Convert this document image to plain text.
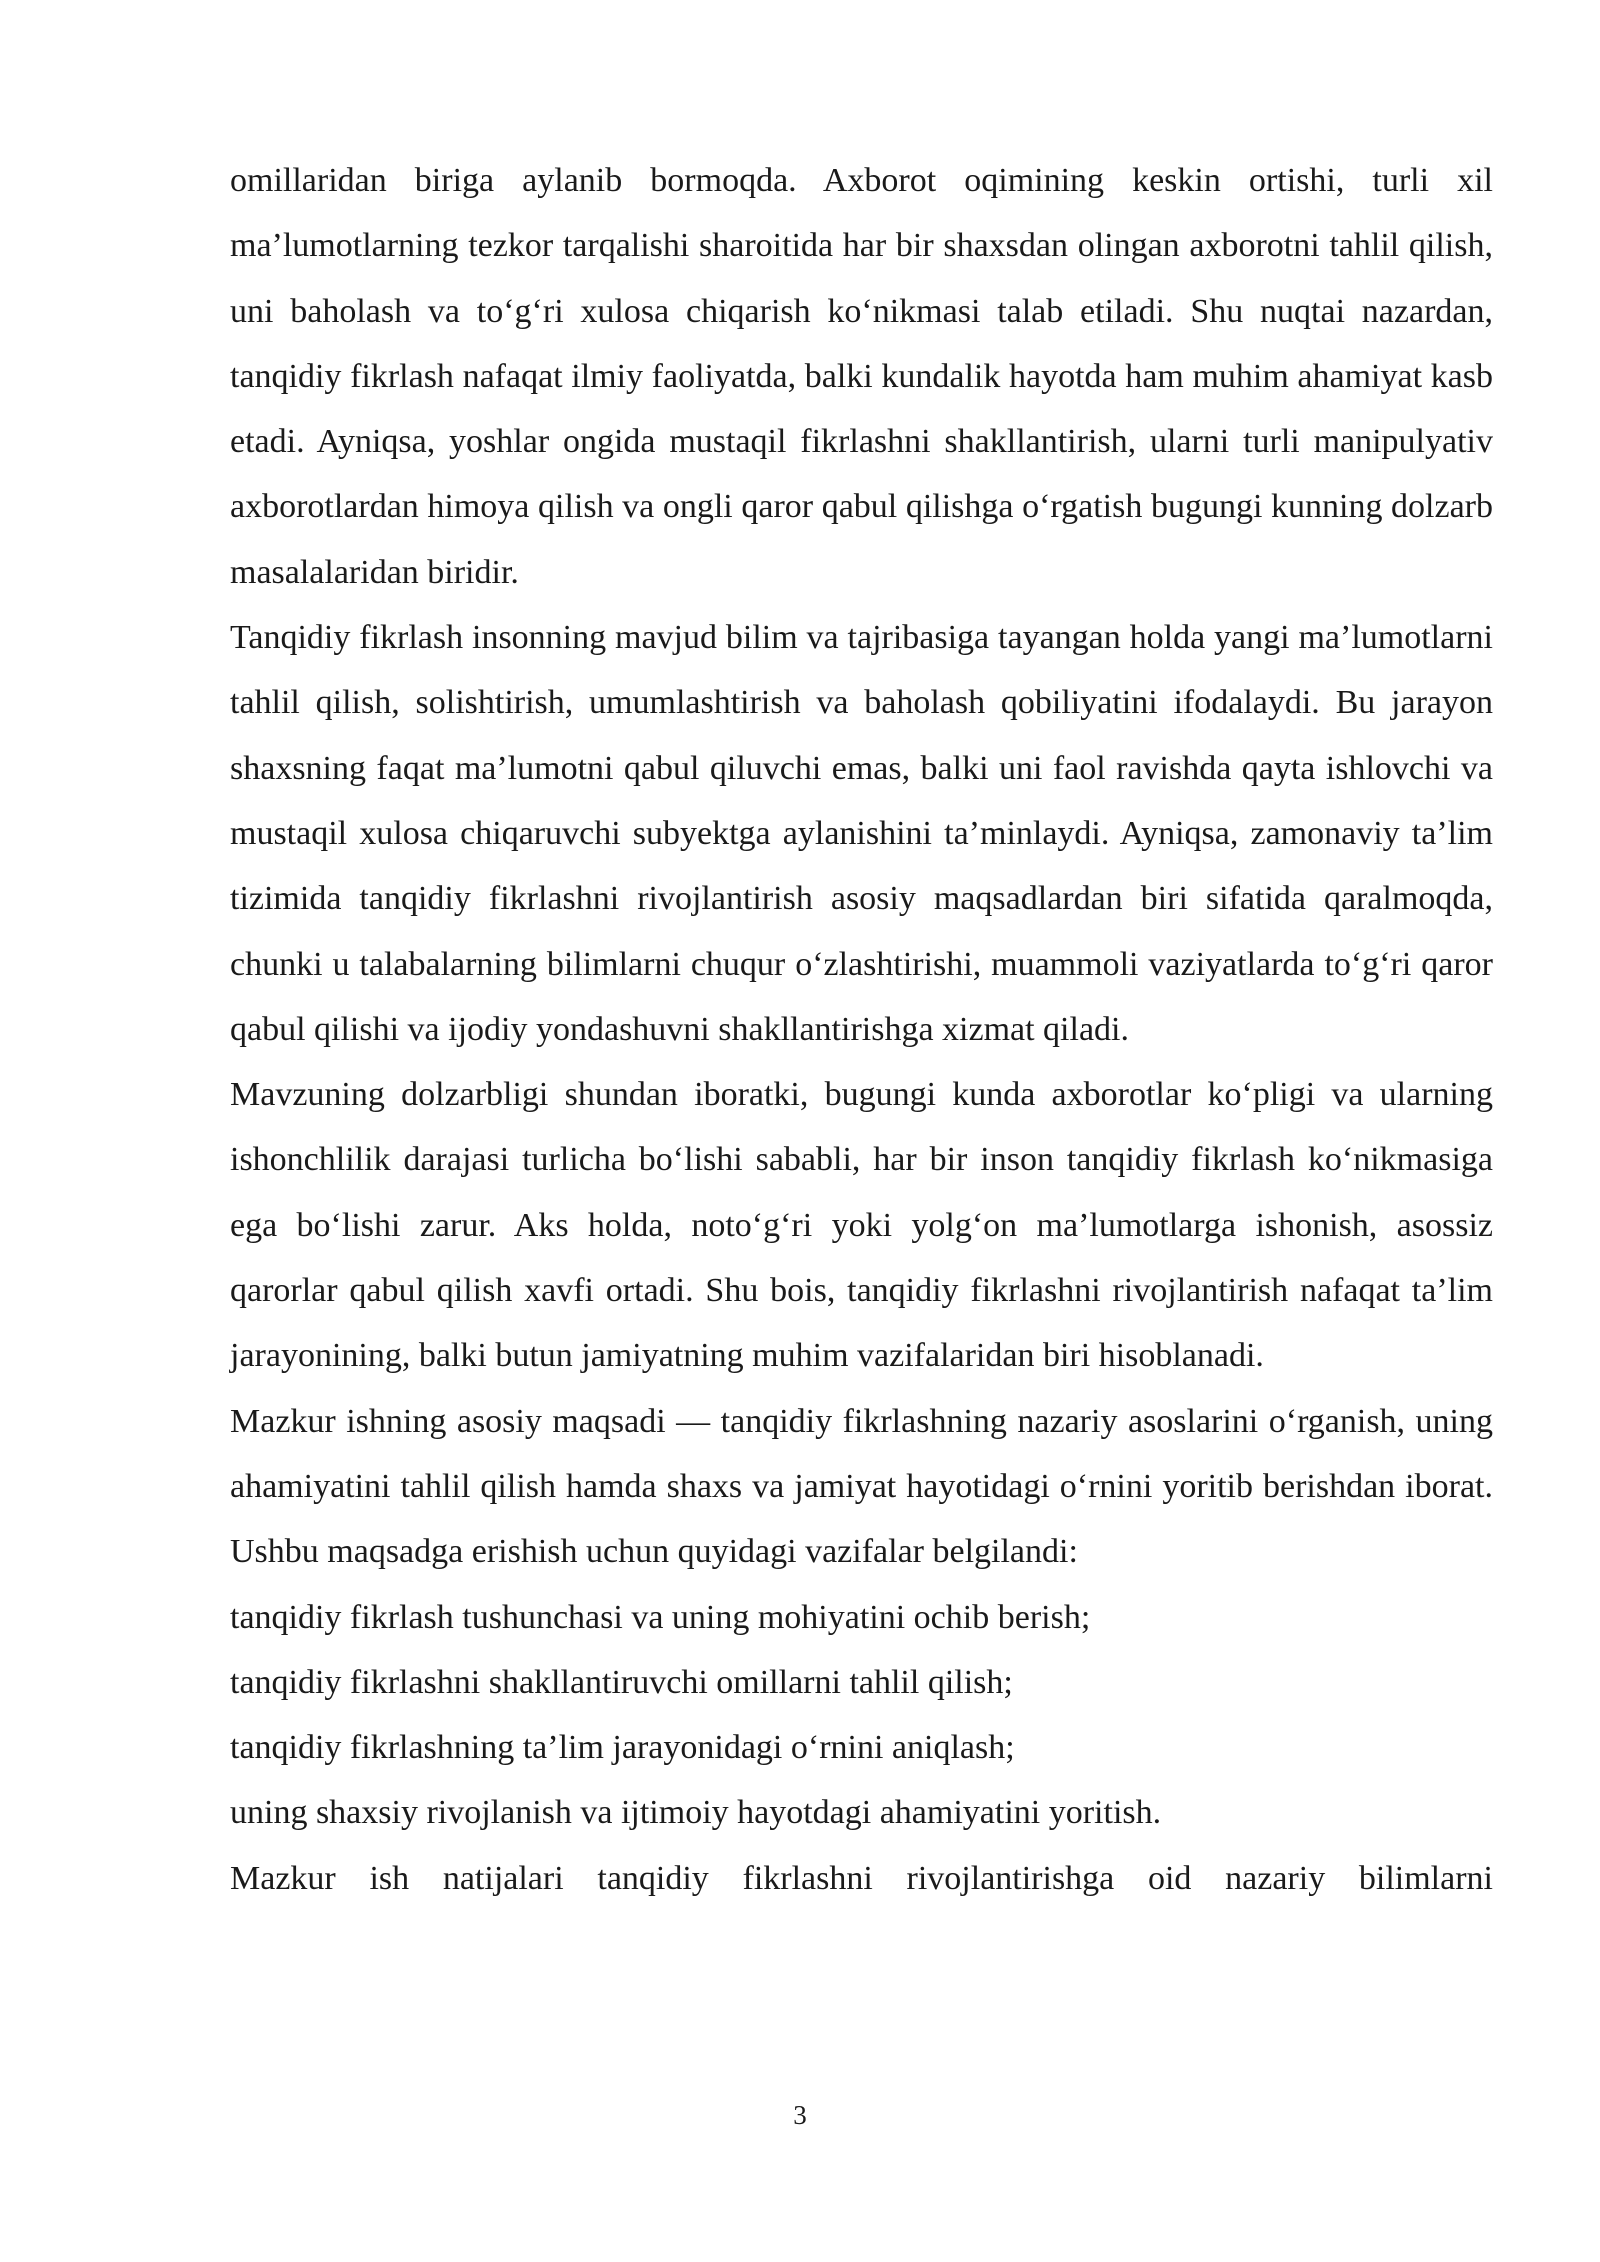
omillaridan biriga aylanib bormoqda. Axborot oqimining keskin ortishi, turli xil ma’lumotlarning tezkor tarqalishi sharoitida har bir shaxsdan olingan axborotni tahlil qilish, uni baholash va to‘g‘ri xulosa chiqarish ko‘nikmasi talab etiladi. Shu nuqtai nazardan, tanqidiy fikrlash nafaqat ilmiy faoliyatda, balki kundalik hayotda ham muhim ahamiyat kasb etadi. Ayniqsa, yoshlar ongida mustaqil fikrlashni shakllantirish, ularni turli manipulyativ axborotlardan himoya qilish va ongli qaror qabul qilishga o‘rgatish bugungi kunning dolzarb masalalaridan biridir.

Tanqidiy fikrlash insonning mavjud bilim va tajribasiga tayangan holda yangi ma’lumotlarni tahlil qilish, solishtirish, umumlashtirish va baholash qobiliyatini ifodalaydi. Bu jarayon shaxsning faqat ma’lumotni qabul qiluvchi emas, balki uni faol ravishda qayta ishlovchi va mustaqil xulosa chiqaruvchi subyektga aylanishini ta’minlaydi. Ayniqsa, zamonaviy ta’lim tizimida tanqidiy fikrlashni rivojlantirish asosiy maqsadlardan biri sifatida qaralmoqda, chunki u talabalarning bilimlarni chuqur o‘zlashtirishi, muammoli vaziyatlarda to‘g‘ri qaror qabul qilishi va ijodiy yondashuvni shakllantirishga xizmat qiladi.

Mavzuning dolzarbligi shundan iboratki, bugungi kunda axborotlar ko‘pligi va ularning ishonchlilik darajasi turlicha bo‘lishi sababli, har bir inson tanqidiy fikrlash ko‘nikmasiga ega bo‘lishi zarur. Aks holda, noto‘g‘ri yoki yolg‘on ma’lumotlarga ishonish, asossiz qarorlar qabul qilish xavfi ortadi. Shu bois, tanqidiy fikrlashni rivojlantirish nafaqat ta’lim jarayonining, balki butun jamiyatning muhim vazifalaridan biri hisoblanadi.

Mazkur ishning asosiy maqsadi — tanqidiy fikrlashning nazariy asoslarini o‘rganish, uning ahamiyatini tahlil qilish hamda shaxs va jamiyat hayotidagi o‘rnini yoritib berishdan iborat. Ushbu maqsadga erishish uchun quyidagi vazifalar belgilandi:

tanqidiy fikrlash tushunchasi va uning mohiyatini ochib berish;

tanqidiy fikrlashni shakllantiruvchi omillarni tahlil qilish;

tanqidiy fikrlashning ta’lim jarayonidagi o‘rnini aniqlash;

uning shaxsiy rivojlanish va ijtimoiy hayotdagi ahamiyatini yoritish.

Mazkur ish natijalari tanqidiy fikrlashni rivojlantirishga oid nazariy bilimlarni

3
